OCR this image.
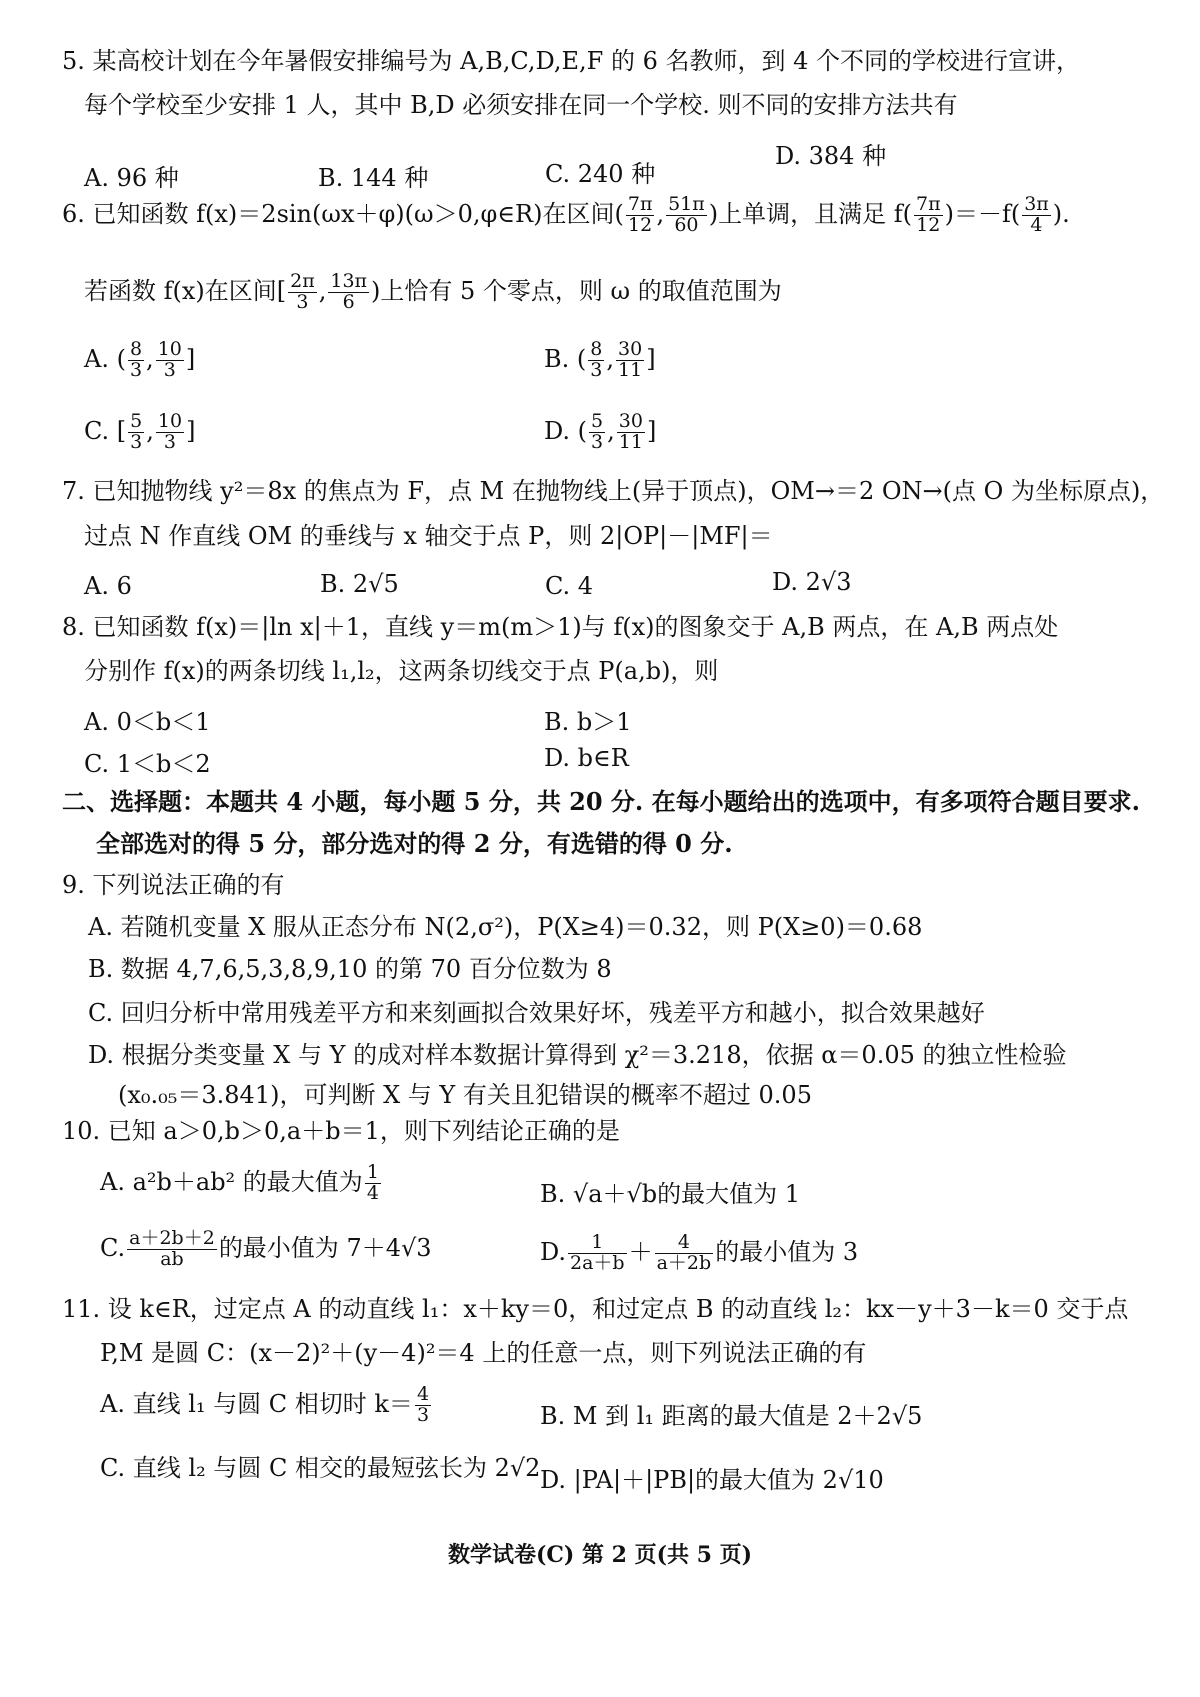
5. 某高校计划在今年暑假安排编号为 A,B,C,D,E,F 的 6 名教师，到 4 个不同的学校进行宣讲，
每个学校至少安排 1 人，其中 B,D 必须安排在同一个学校. 则不同的安排方法共有
A. 96 种	B. 144 种	C. 240 种
D. 384 种
6. 已知函数 f(x)＝2sin(ωx＋φ)(ω＞0,φ∈R)在区间( $\frac{7\pi}{12}$ , $\frac{51\pi}{60}$ )上单调，且满足 $f( \frac{7\pi}{12} )=-f( \frac{3\pi}{4}$ ).
若函数 f(x)在区间[ $\frac{2\pi}{3}$ , $\frac{13\pi}{6}$ )上恰有 5 个零点，则 ω 的取值范围为
A. ( $\frac{8}{3}$ , $\frac{10}{3}$ ]	B. ( $\frac{8}{3}$ , $\frac{30}{11}$ ]
C. [ $\frac{5}{3}$ , $\frac{10}{3}$ ]	D. ( $\frac{5}{3}$ , $\frac{30}{11}$ ]
7. 已知抛物线 y²＝8x 的焦点为 F，点 M 在抛物线上(异于顶点)，OM→＝2 ON→(点 O 为坐标原点)，
过点 N 作直线 OM 的垂线与 x 轴交于点 P，则 2|OP|－|MF|＝
A. 6	B. 2√5	C. 4	D. 2√3
8. 已知函数 f(x)＝|ln x|＋1，直线 y＝m(m＞1)与 f(x)的图象交于 A,B 两点，在 A,B 两点处
分别作 f(x)的两条切线 l₁,l₂，这两条切线交于点 P(a,b)，则
A. 0＜b＜1	B. b＞1
C. 1＜b＜2	D. b∈R
二、选择题：本题共 4 小题，每小题 5 分，共 20 分. 在每小题给出的选项中，有多项符合题目要求.
全部选对的得 5 分，部分选对的得 2 分，有选错的得 0 分.
9. 下列说法正确的有
A. 若随机变量 X 服从正态分布 N(2,σ²)，P(X≥4)＝0.32，则 P(X≥0)＝0.68
B. 数据 4,7,6,5,3,8,9,10 的第 70 百分位数为 8
C. 回归分析中常用残差平方和来刻画拟合效果好坏，残差平方和越小，拟合效果越好
D. 根据分类变量 X 与 Y 的成对样本数据计算得到 χ²＝3.218，依据 α＝0.05 的独立性检验
(x₀.₀₅＝3.841)，可判断 X 与 Y 有关且犯错误的概率不超过 0.05
10. 已知 a＞0,b＞0,a＋b＝1，则下列结论正确的是
A. a²b＋ab² 的最大值为 $\frac{1}{4}$	B. √a＋√b的最大值为 1
C. $\frac{a+2b+2}{ab}$ 的最小值为 7＋4√3	D. $\frac{1}{2a+b} + \frac{4}{a+2b}$ 的最小值为 3
11. 设 k∈R，过定点 A 的动直线 l₁：x＋ky＝0，和过定点 B 的动直线 l₂：kx－y＋3－k＝0 交于点
P,M 是圆 C：(x－2)²＋(y－4)²＝4 上的任意一点，则下列说法正确的有
A. 直线 l₁ 与圆 C 相切时 $k= \frac{4}{3}$	B. M 到 l₁ 距离的最大值是 2＋2√5
C. 直线 l₂ 与圆 C 相交的最短弦长为 2√2 D. |PA|＋|PB|的最大值为 2√10
数学试卷(C) 第 2 页(共 5 页)
